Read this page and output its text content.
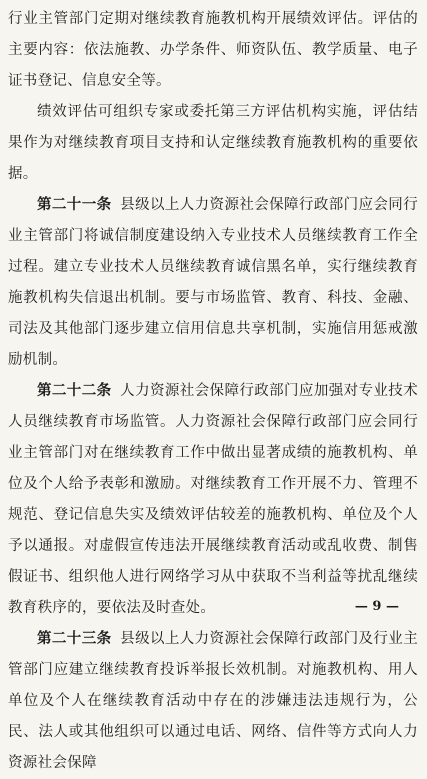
行业主管部门定期对继续教育施教机构开展绩效评估。评估的主要内容：依法施教、办学条件、师资队伍、教学质量、电子证书登记、信息安全等。

绩效评估可组织专家或委托第三方评估机构实施，评估结果作为对继续教育项目支持和认定继续教育施教机构的重要依据。

第二十一条 县级以上人力资源社会保障行政部门应会同行业主管部门将诚信制度建设纳入专业技术人员继续教育工作全过程。建立专业技术人员继续教育诚信黑名单，实行继续教育施教机构失信退出机制。要与市场监管、教育、科技、金融、司法及其他部门逐步建立信用信息共享机制，实施信用惩戒激励机制。

第二十二条 人力资源社会保障行政部门应加强对专业技术人员继续教育市场监管。人力资源社会保障行政部门应会同行业主管部门对在继续教育工作中做出显著成绩的施教机构、单位及个人给予表彰和激励。对继续教育工作开展不力、管理不规范、登记信息失实及绩效评估较差的施教机构、单位及个人予以通报。对虚假宣传违法开展继续教育活动或乱收费、制售假证书、组织他人进行网络学习从中获取不当利益等扰乱继续教育秩序的，要依法及时查处。

第二十三条 县级以上人力资源社会保障行政部门及行业主管部门应建立继续教育投诉举报长效机制。对施教机构、用人单位及个人在继续教育活动中存在的涉嫌违法违规行为，公民、法人或其他组织可以通过电话、网络、信件等方式向人力资源社会保障

— 9 —
